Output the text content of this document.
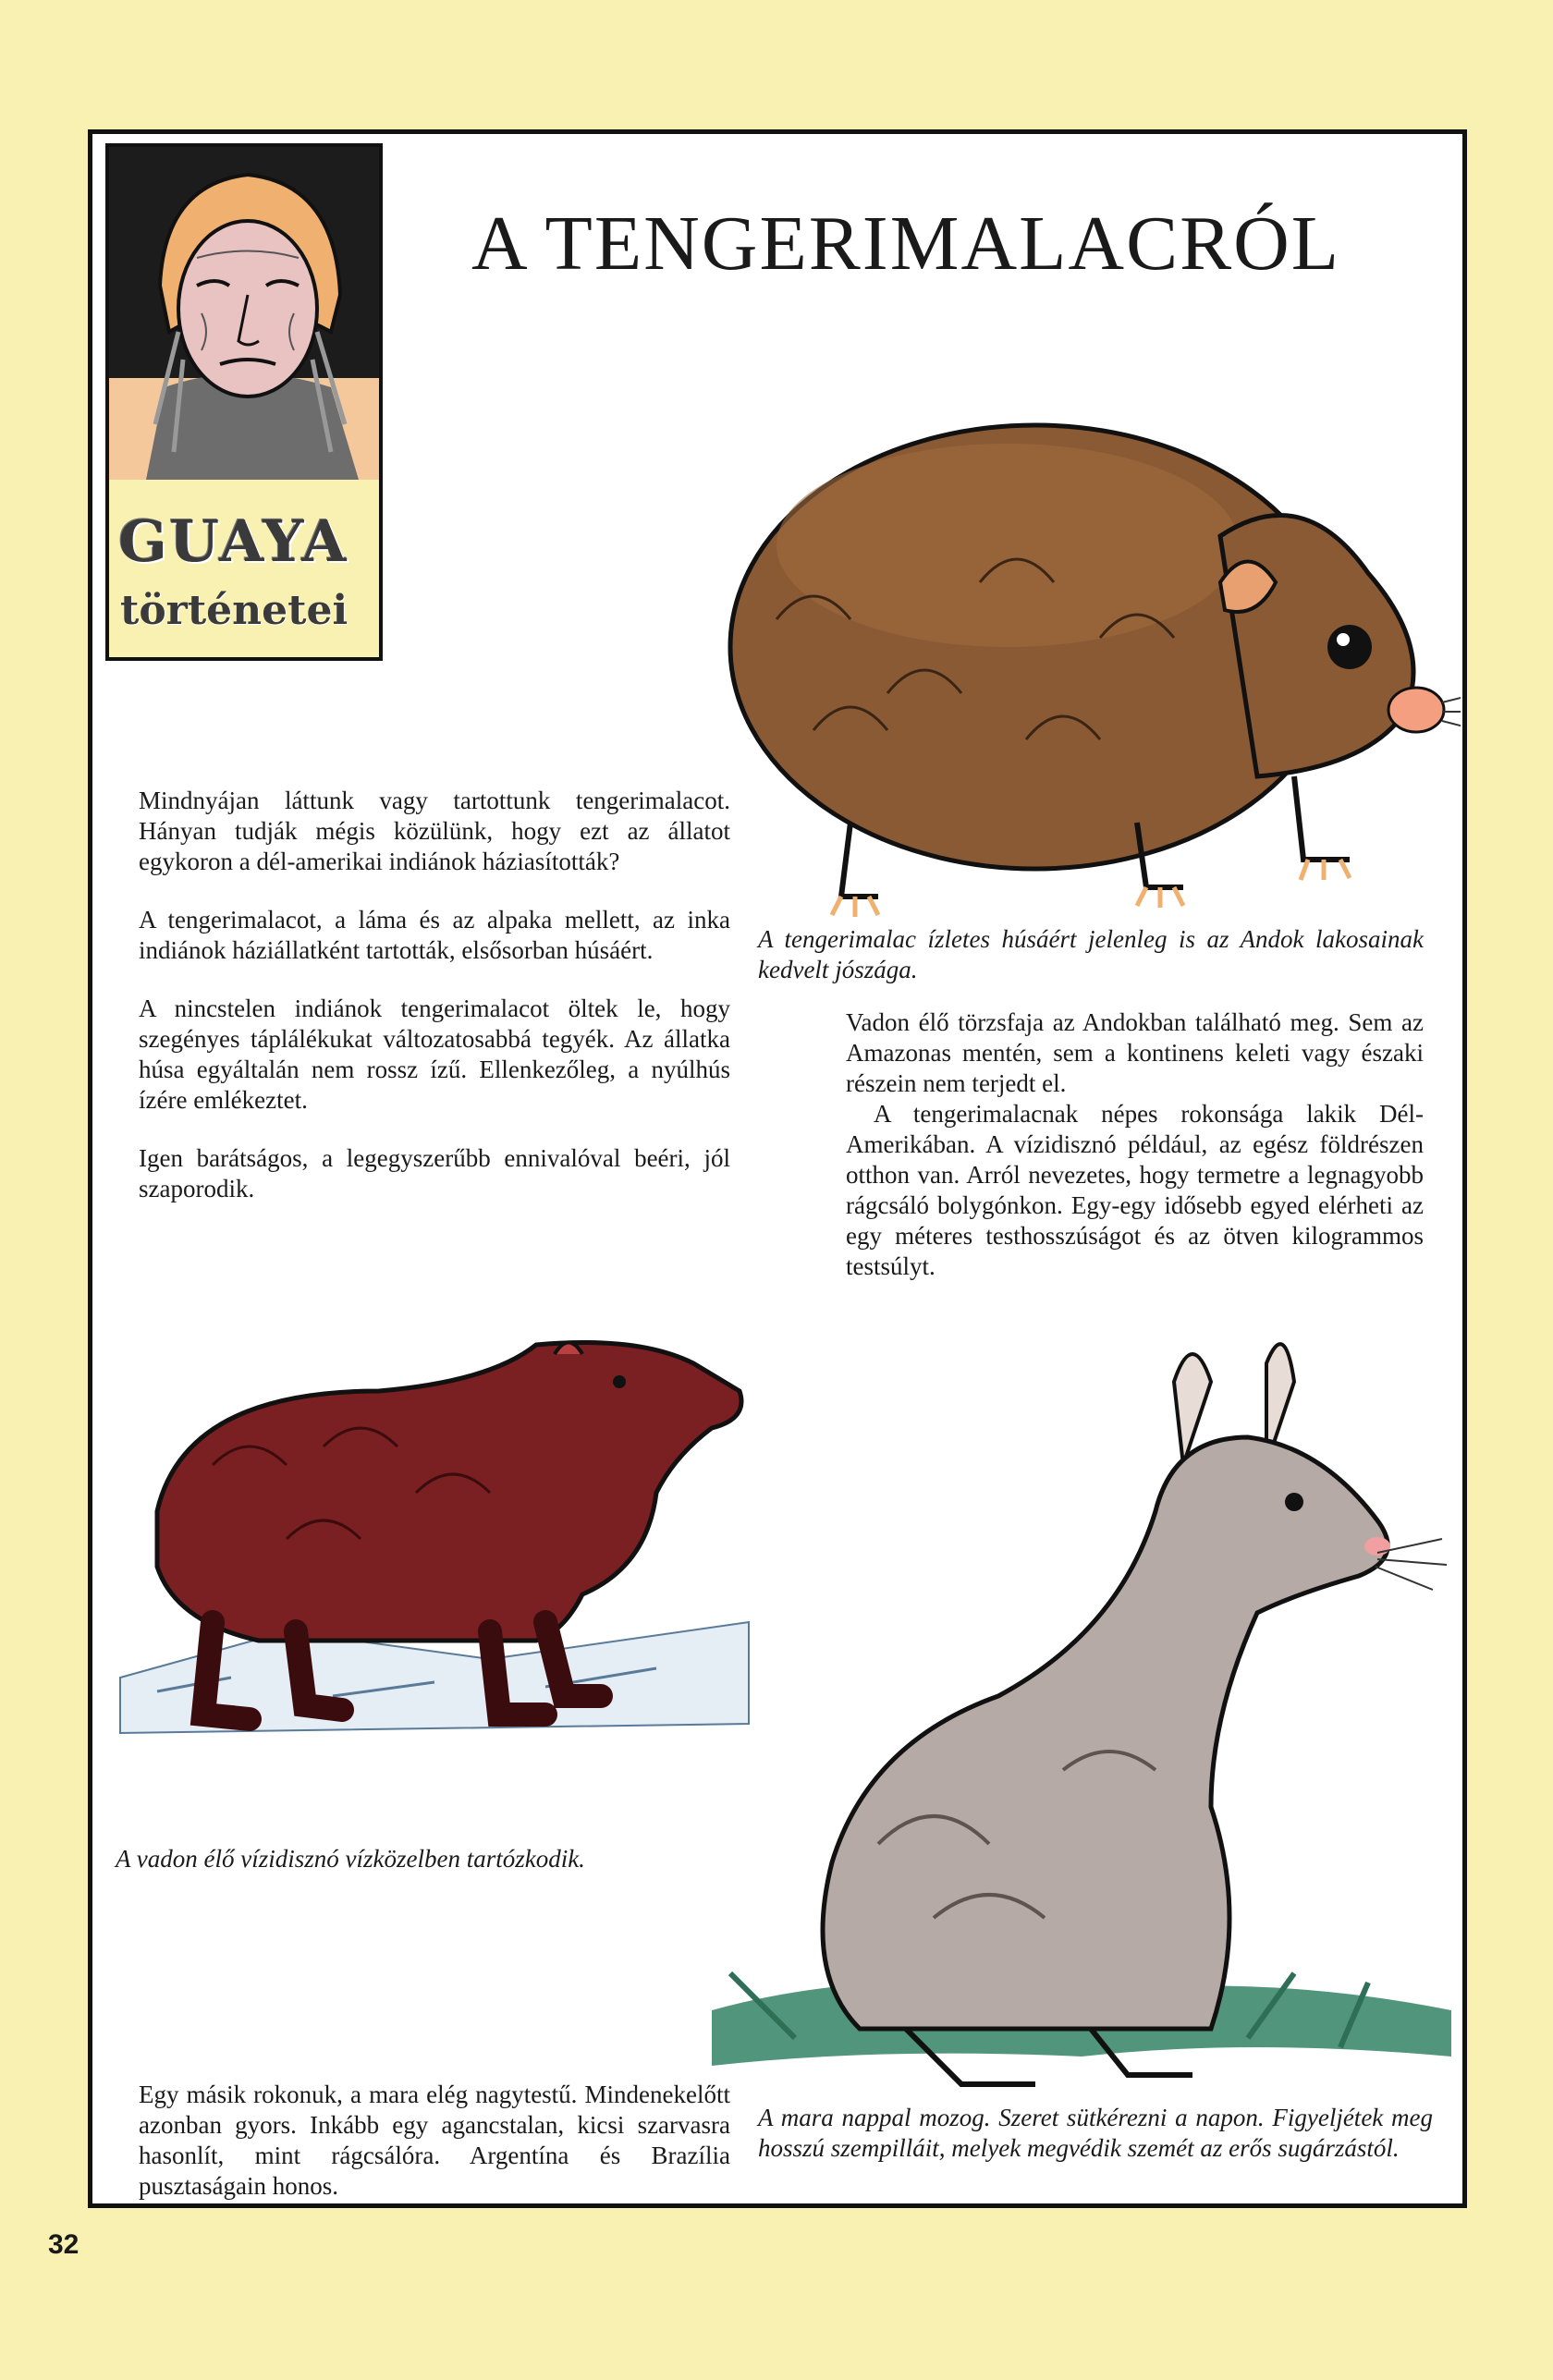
GUAYA
történetei
A TENGERIMALACRÓL

Mindnyájan láttunk vagy tartottunk tengerimalacot. Hányan tudják mégis közülünk, hogy ezt az állatot egykoron a dél-amerikai indiánok háziasították?

A tengerimalacot, a láma és az alpaka mellett, az inka indiánok háziállatként tartották, elsősorban húsáért.

A nincstelen indiánok tengerimalacot öltek le, hogy szegényes táplálékukat változatosabbá tegyék. Az állatka húsa egyáltalán nem rossz ízű. Ellenkezőleg, a nyúlhús ízére emlékeztet.

Igen barátságos, a legegyszerűbb ennivalóval beéri, jól szaporodik.

A tengerimalac ízletes húsáért jelenleg is az Andok lakosainak kedvelt jószága.

Vadon élő törzsfaja az Andokban található meg. Sem az Amazonas mentén, sem a kontinens keleti vagy északi részein nem terjedt el.

A tengerimalacnak népes rokonsága lakik Dél-Amerikában. A vízidisznó például, az egész földrészen otthon van. Arról nevezetes, hogy termetre a legnagyobb rágcsáló bolygónkon. Egy-egy idősebb egyed elérheti az egy méteres testhosszúságot és az ötven kilogrammos testsúlyt.

A vadon élő vízidisznó vízközelben tartózkodik.
Egy másik rokonuk, a mara elég nagytestű. Mindenekelőtt azonban gyors. Inkább egy agancstalan, kicsi szarvasra hasonlít, mint rágcsálóra. Argentína és Brazília pusztaságain honos.
A mara nappal mozog. Szeret sütkérezni a napon. Figyeljétek meg hosszú szempilláit, melyek megvédik szemét az erős sugárzástól.
32
